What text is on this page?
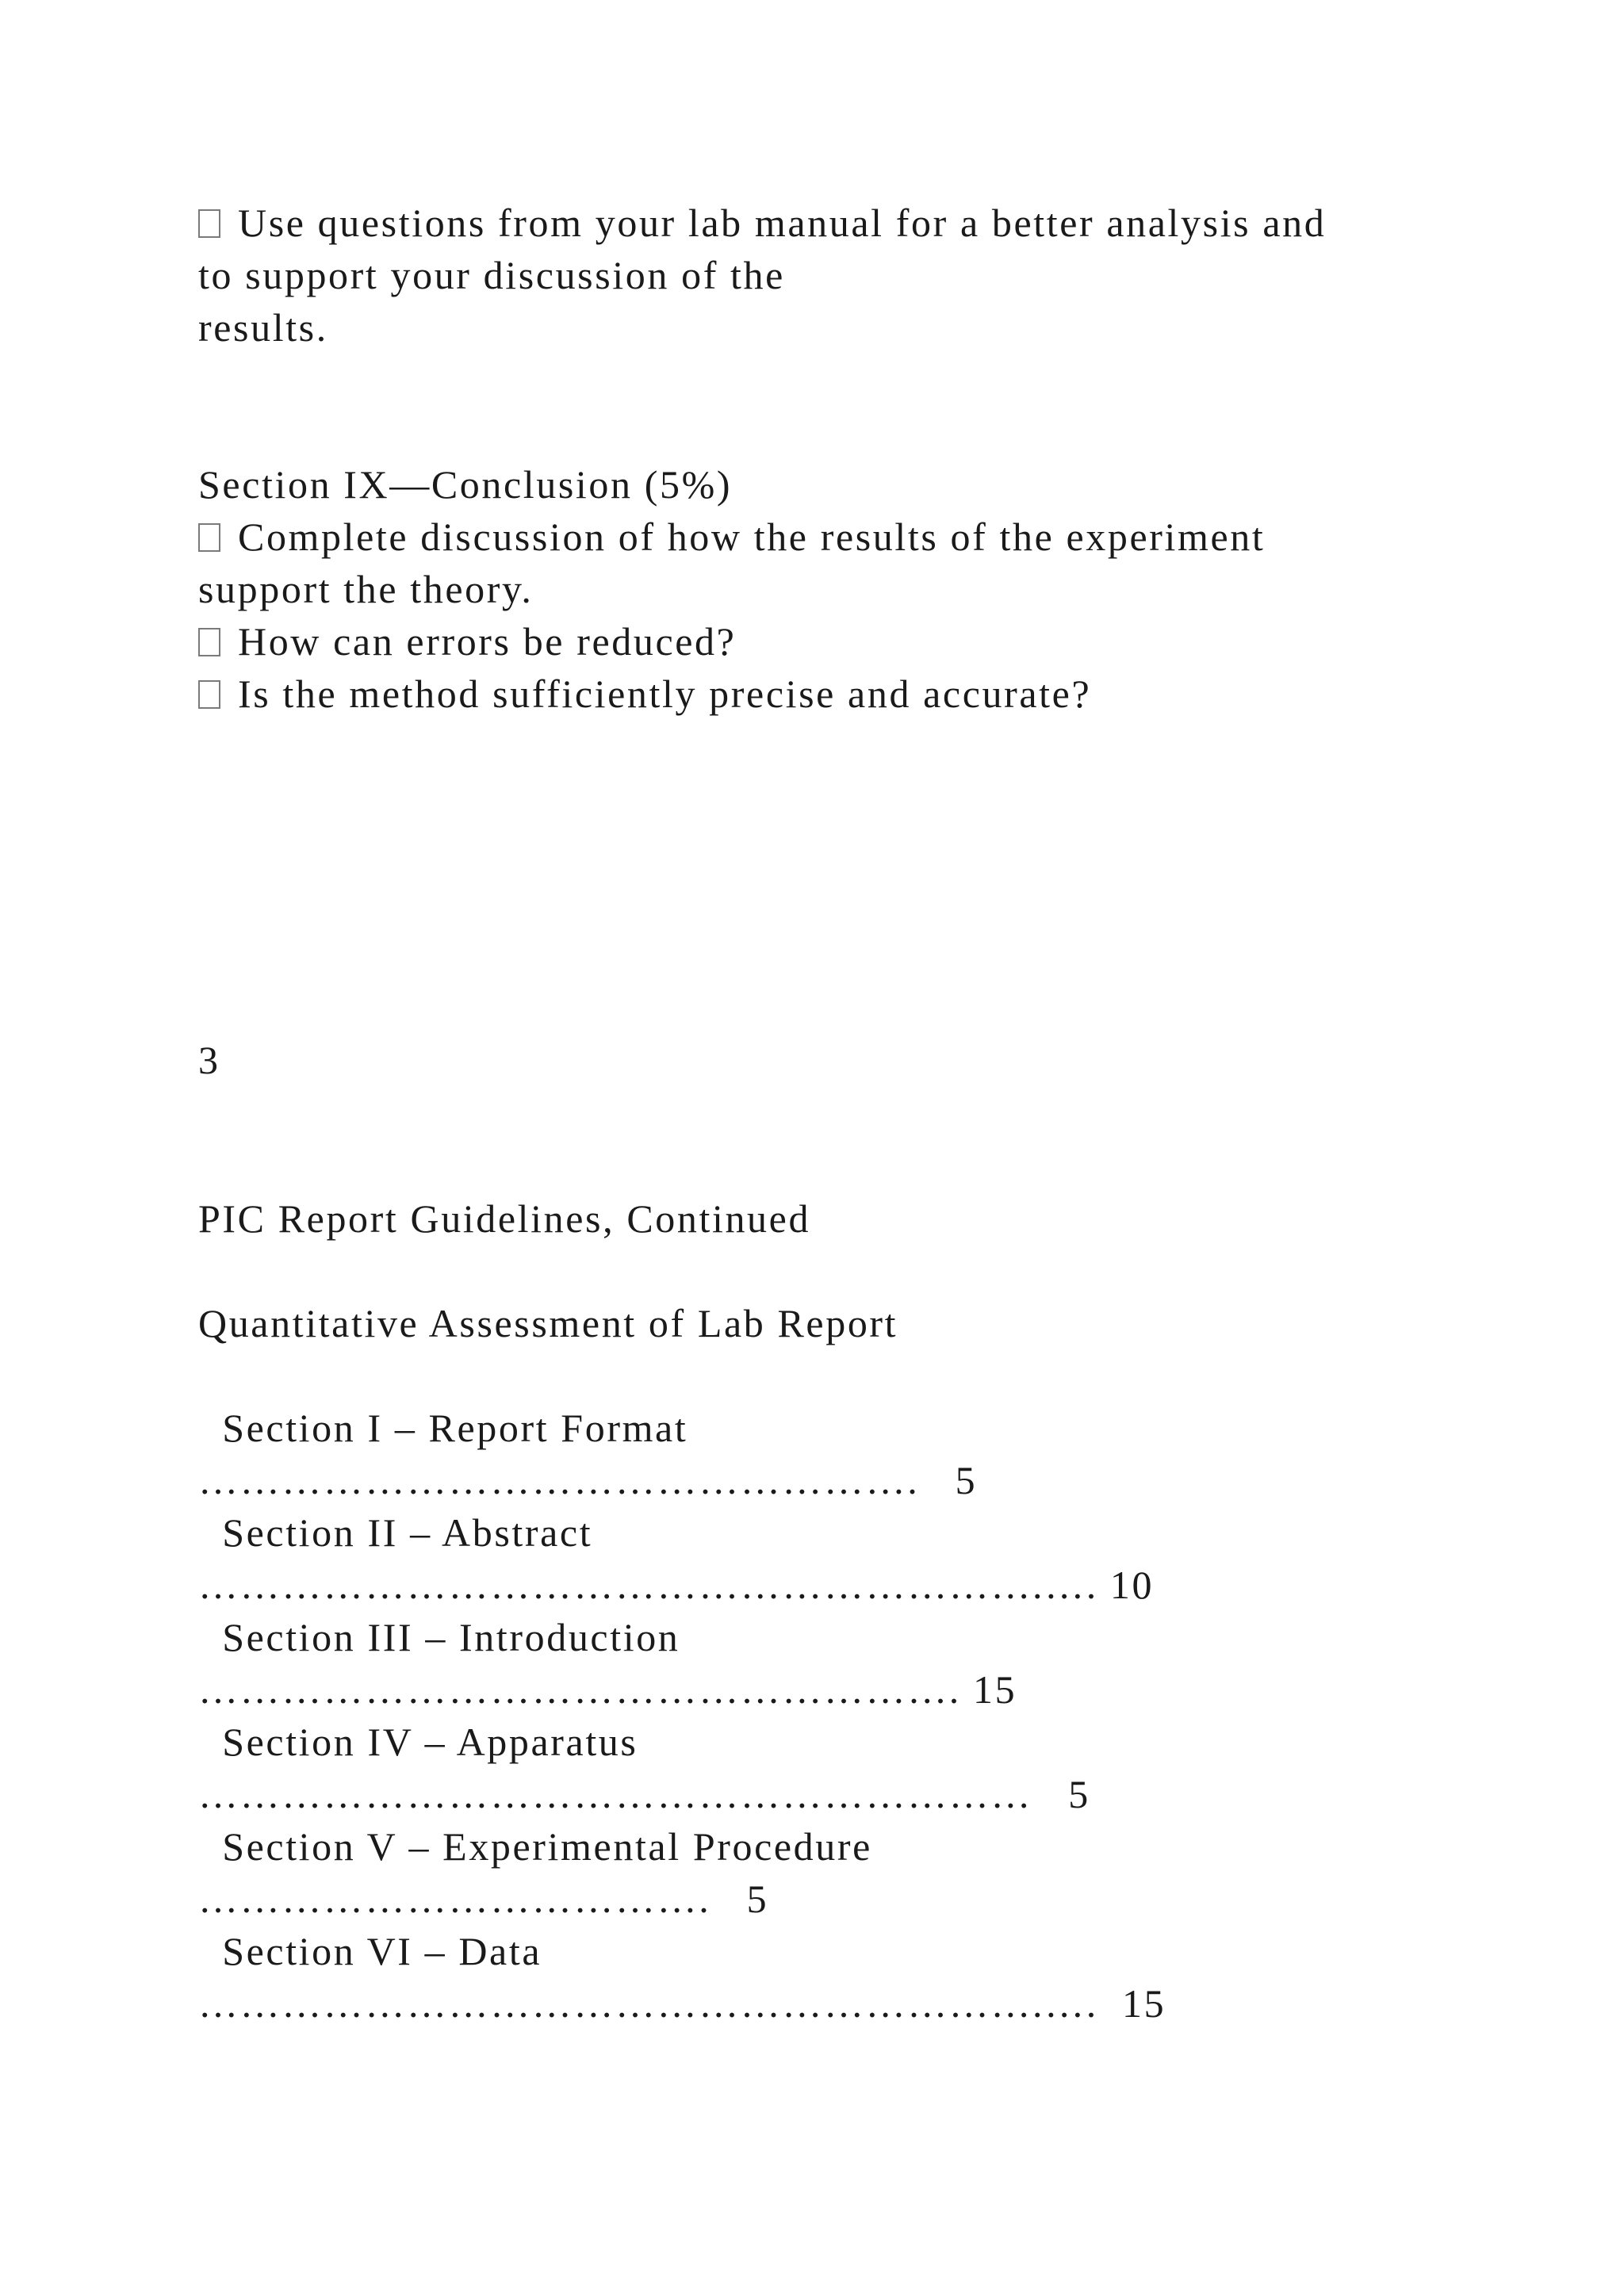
Use questions from your lab manual for a better analysis and

to support your discussion of the

results.

Section IX—Conclusion (5%)

Complete discussion of how the results of the experiment

support the theory.

How can errors be reduced?

Is the method sufficiently precise and accurate?

3

PIC Report Guidelines, Continued

Quantitative Assessment of Lab Report

Section I – Report Format

…………………………………………….   5

Section II – Abstract

…………………………………………………….…. 10

Section III – Introduction

………………………………………………. 15

Section IV – Apparatus

……………………………………………………   5

Section V – Experimental Procedure

……………………………….   5

Section VI – Data

…………………………………………………….….  15
